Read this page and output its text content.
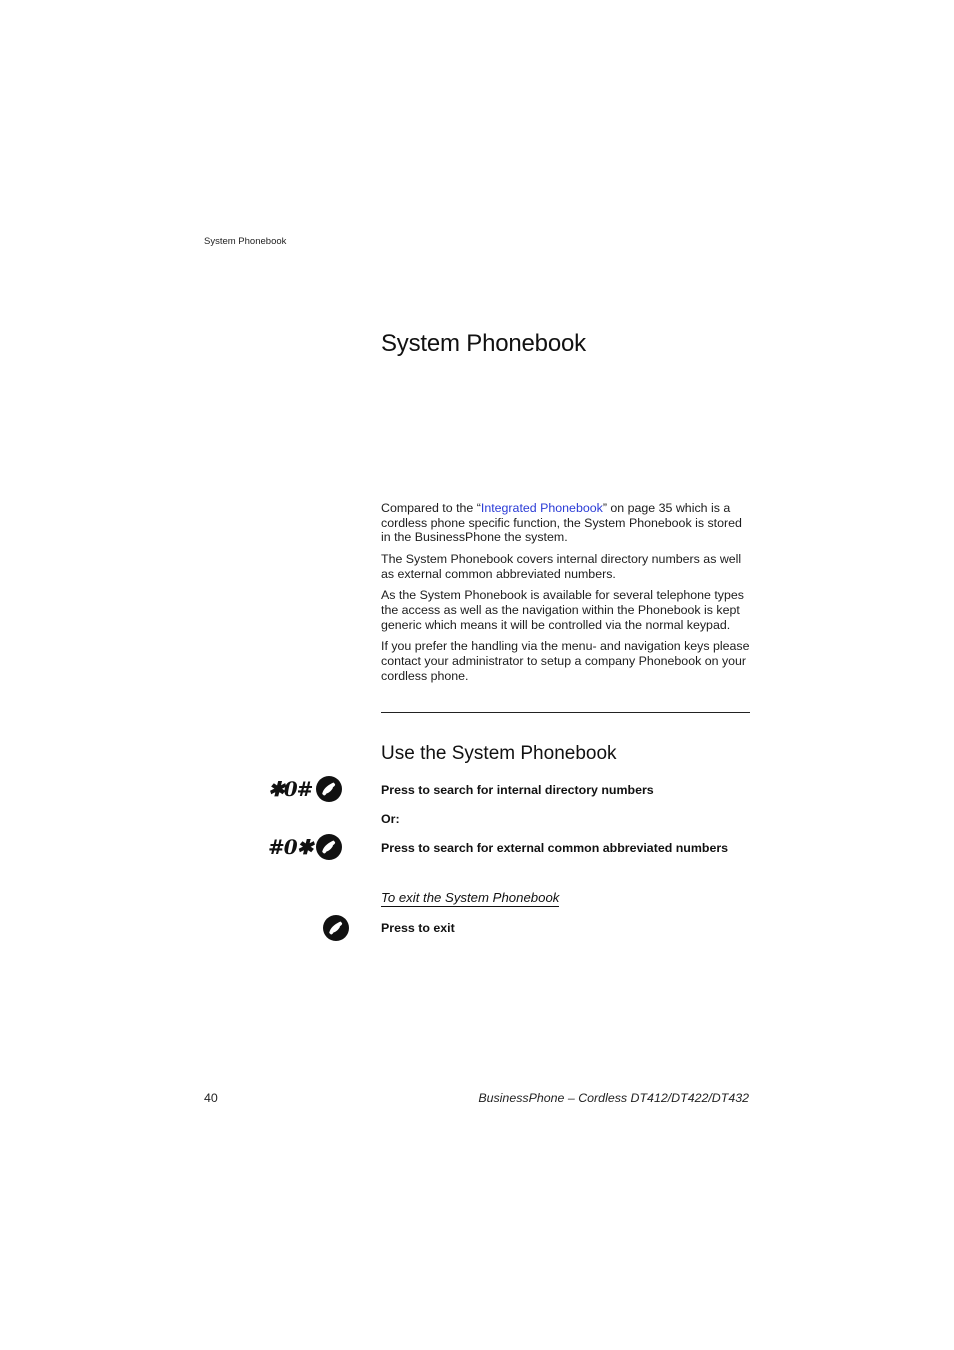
System Phonebook
System Phonebook

Compared to the “Integrated Phonebook” on page 35 which is a cordless phone specific function, the System Phonebook is stored in the BusinessPhone the system.

The System Phonebook covers internal directory numbers as well as external common abbreviated numbers.

As the System Phonebook is available for several telephone types the access as well as the navigation within the Phonebook is kept generic which means it will be controlled via the normal keypad.

If you prefer the handling via the menu- and navigation keys please contact your administrator to setup a company Phonebook on your cordless phone.

Use the System Phonebook
✱0#	Press to search for internal directory numbers
Or:
#0✱	Press to search for external common abbreviated numbers
To exit the System Phonebook
Press to exit
40	BusinessPhone – Cordless DT412/DT422/DT432
